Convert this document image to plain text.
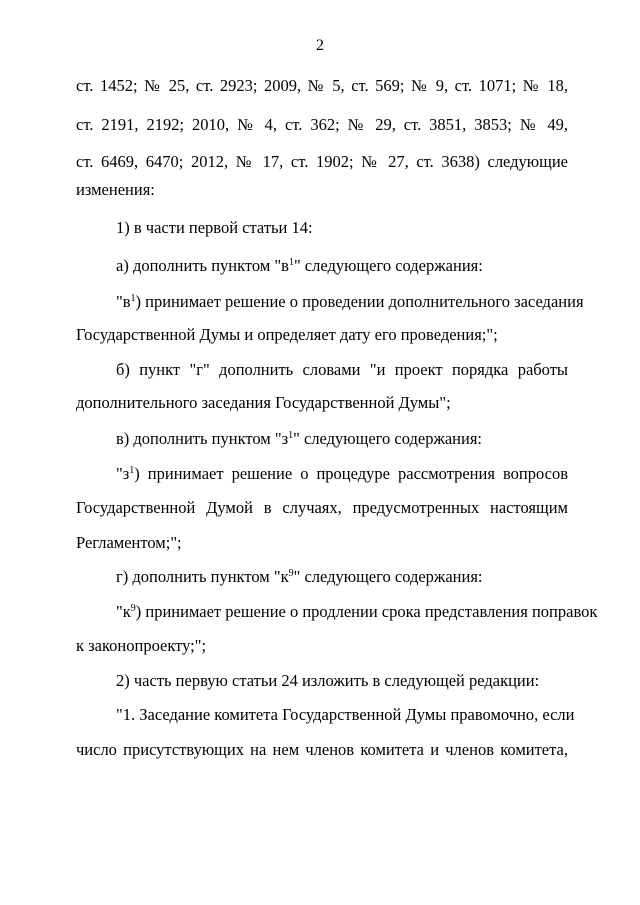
2
ст. 1452; № 25, ст. 2923; 2009, № 5, ст. 569; № 9, ст. 1071; № 18,
ст. 2191, 2192; 2010, № 4, ст. 362; № 29, ст. 3851, 3853; № 49,
ст. 6469, 6470; 2012, № 17, ст. 1902; № 27, ст. 3638) следующие
изменения:
1) в части первой статьи 14:
а) дополнить пунктом "$в^1$" следующего содержания:
"$в^1$) принимает решение о проведении дополнительного заседания
Государственной Думы и определяет дату его проведения;";
б) пункт "г" дополнить словами "и проект порядка работы
дополнительного заседания Государственной Думы";
в) дополнить пунктом "$з^1$" следующего содержания:
"$з^1$) принимает решение о процедуре рассмотрения вопросов
Государственной Думой в случаях, предусмотренных настоящим
Регламентом;";
г) дополнить пунктом "$к^9$" следующего содержания:
"$к^9$) принимает решение о продлении срока представления поправок
к законопроекту;";
2) часть первую статьи 24 изложить в следующей редакции:
"1. Заседание комитета Государственной Думы правомочно, если
число присутствующих на нем членов комитета и членов комитета,
